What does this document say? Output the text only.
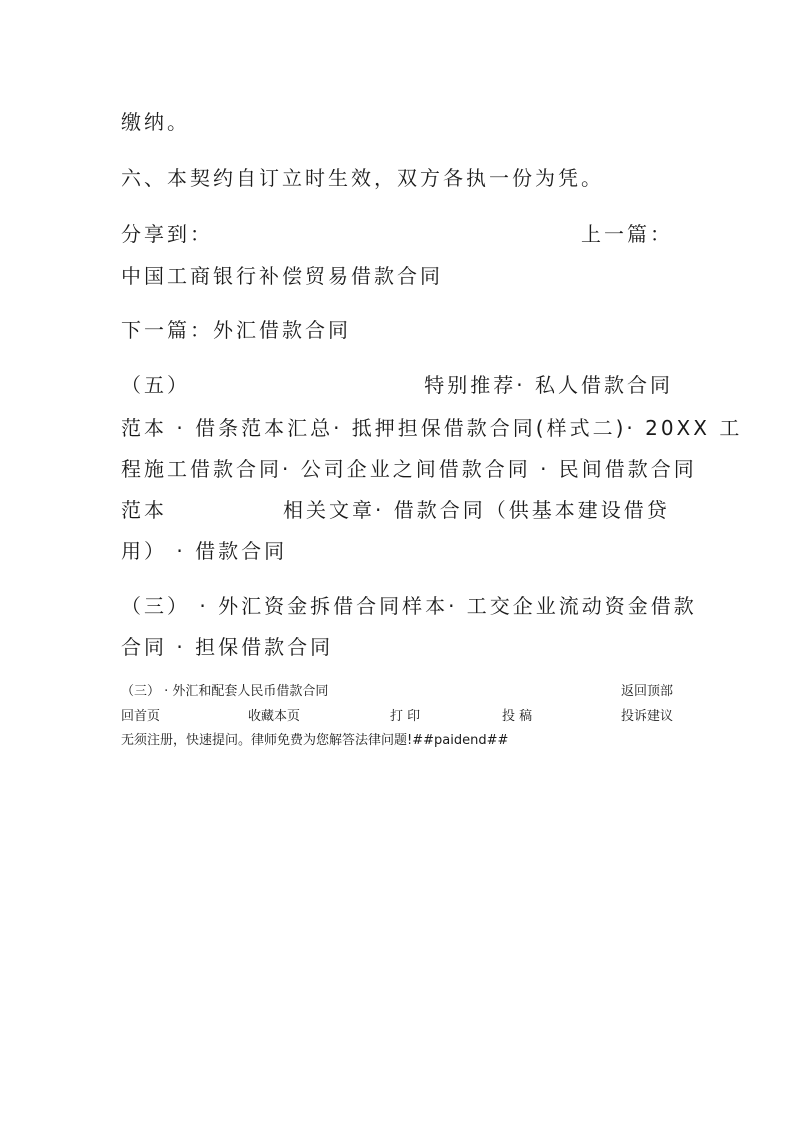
缴纳。
六、本契约自订立时生效，双方各执一份为凭。
分享到：	上一篇：
中国工商银行补偿贸易借款合同
下一篇：外汇借款合同
（五）	特别推荐· 私人借款合同
范本 · 借条范本汇总· 抵押担保借款合同(样式二)· 20XX 工
程施工借款合同· 公司企业之间借款合同 · 民间借款合同
范本	相关文章· 借款合同（供基本建设借贷
用） · 借款合同
（三） · 外汇资金拆借合同样本· 工交企业流动资金借款
合同 · 担保借款合同
（三） · 外汇和配套人民币借款合同	返回顶部
回首页	收藏本页	打 印	投 稿	投诉建议
无须注册，快速提问。律师免费为您解答法律问题!##paidend##
